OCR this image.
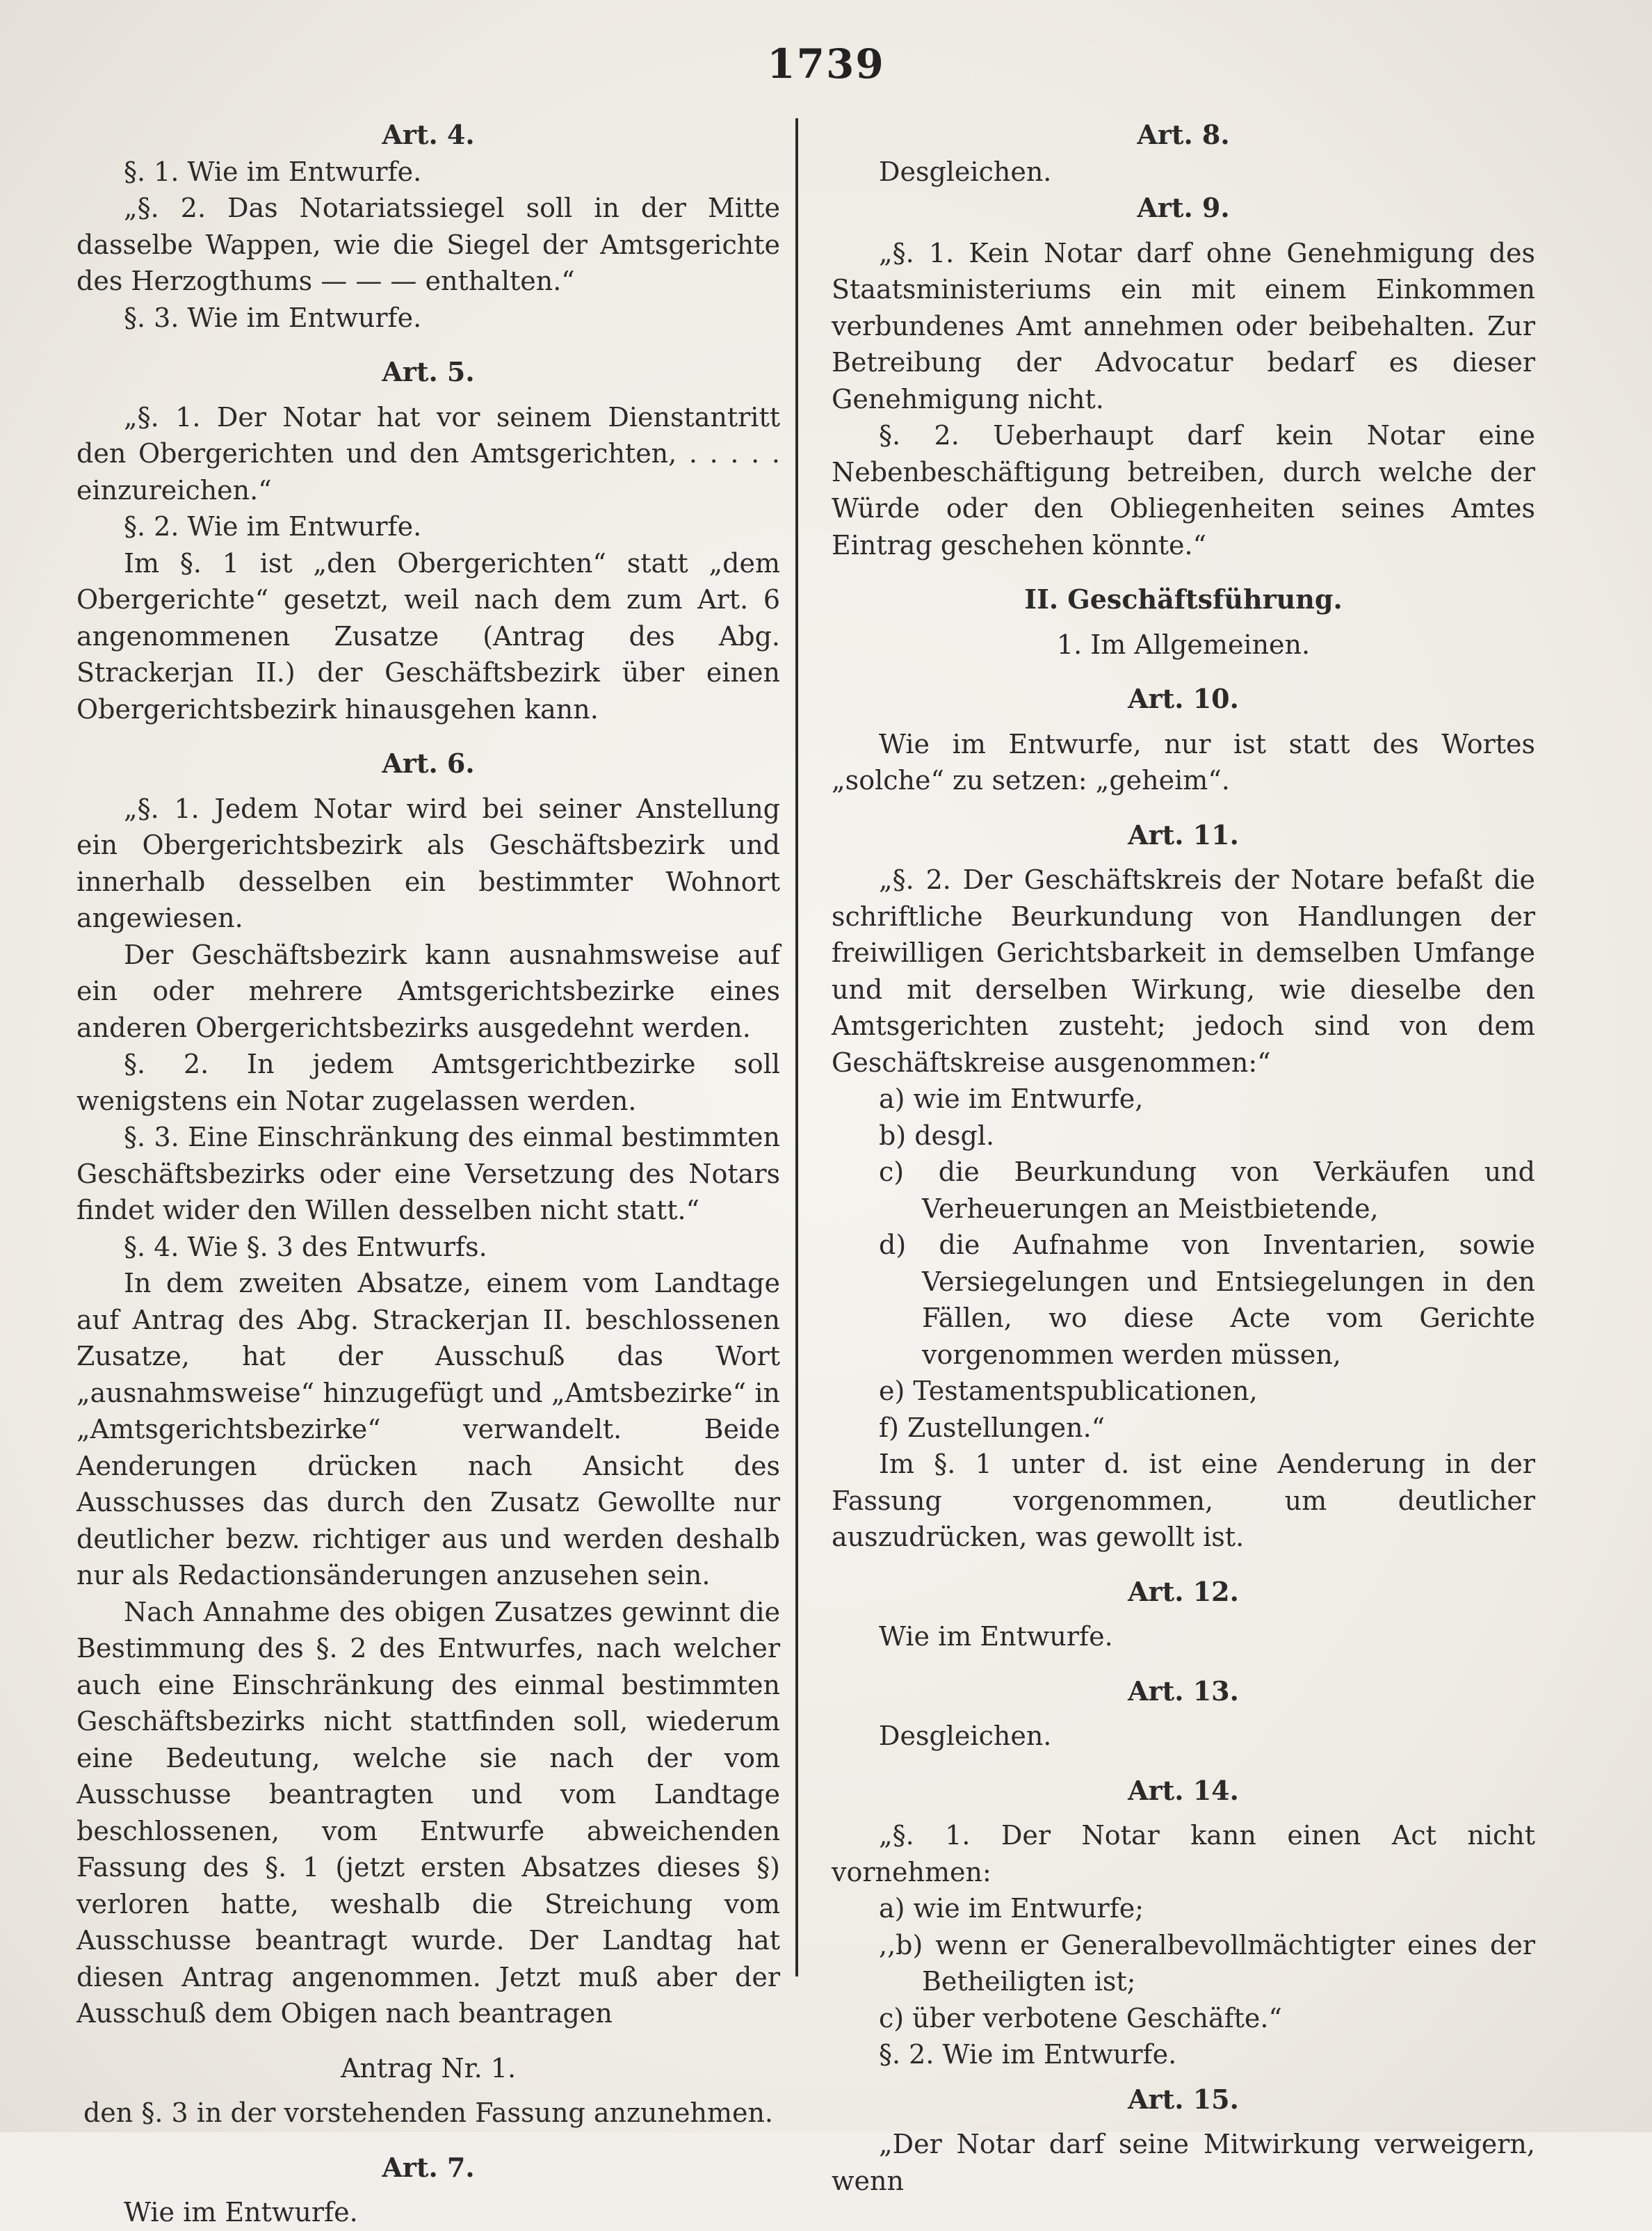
1739

Art. 4.

§. 1. Wie im Entwurfe.

„§. 2. Das Notariatssiegel soll in der Mitte dasselbe Wappen, wie die Siegel der Amtsgerichte des Herzogthums — — — enthalten.“

§. 3. Wie im Entwurfe.

Art. 5.

„§. 1. Der Notar hat vor seinem Dienstantritt den Obergerichten und den Amtsgerichten, . . . . . einzureichen.“

§. 2. Wie im Entwurfe.

Im §. 1 ist „den Obergerichten“ statt „dem Obergerichte“ gesetzt, weil nach dem zum Art. 6 angenommenen Zusatze (Antrag des Abg. Strackerjan II.) der Geschäftsbezirk über einen Obergerichtsbezirk hinausgehen kann.

Art. 6.

„§. 1. Jedem Notar wird bei seiner Anstellung ein Obergerichtsbezirk als Geschäftsbezirk und innerhalb desselben ein bestimmter Wohnort angewiesen.

Der Geschäftsbezirk kann ausnahmsweise auf ein oder mehrere Amtsgerichtsbezirke eines anderen Obergerichtsbezirks ausgedehnt werden.

§. 2. In jedem Amtsgerichtbezirke soll wenigstens ein Notar zugelassen werden.

§. 3. Eine Einschränkung des einmal bestimmten Geschäftsbezirks oder eine Versetzung des Notars findet wider den Willen desselben nicht statt.“

§. 4. Wie §. 3 des Entwurfs.

In dem zweiten Absatze, einem vom Landtage auf Antrag des Abg. Strackerjan II. beschlossenen Zusatze, hat der Ausschuß das Wort „ausnahmsweise“ hinzugefügt und „Amtsbezirke“ in „Amtsgerichtsbezirke“ verwandelt. Beide Aenderungen drücken nach Ansicht des Ausschusses das durch den Zusatz Gewollte nur deutlicher bezw. richtiger aus und werden deshalb nur als Redactionsänderungen anzusehen sein.

Nach Annahme des obigen Zusatzes gewinnt die Bestimmung des §. 2 des Entwurfes, nach welcher auch eine Einschränkung des einmal bestimmten Geschäftsbezirks nicht stattfinden soll, wiederum eine Bedeutung, welche sie nach der vom Ausschusse beantragten und vom Landtage beschlossenen, vom Entwurfe abweichenden Fassung des §. 1 (jetzt ersten Absatzes dieses §) verloren hatte, weshalb die Streichung vom Ausschusse beantragt wurde. Der Landtag hat diesen Antrag angenommen. Jetzt muß aber der Ausschuß dem Obigen nach beantragen

Antrag Nr. 1.

den §. 3 in der vorstehenden Fassung anzunehmen.

Art. 7.

Wie im Entwurfe.

Art. 8.

Desgleichen.

Art. 9.

„§. 1. Kein Notar darf ohne Genehmigung des Staatsministeriums ein mit einem Einkommen verbundenes Amt annehmen oder beibehalten. Zur Betreibung der Advocatur bedarf es dieser Genehmigung nicht.

§. 2. Ueberhaupt darf kein Notar eine Nebenbeschäftigung betreiben, durch welche der Würde oder den Obliegenheiten seines Amtes Eintrag geschehen könnte.“

II. Geschäftsführung.

1. Im Allgemeinen.

Art. 10.

Wie im Entwurfe, nur ist statt des Wortes „solche“ zu setzen: „geheim“.

Art. 11.

„§. 2. Der Geschäftskreis der Notare befaßt die schriftliche Beurkundung von Handlungen der freiwilligen Gerichtsbarkeit in demselben Umfange und mit derselben Wirkung, wie dieselbe den Amtsgerichten zusteht; jedoch sind von dem Geschäftskreise ausgenommen:“

a) wie im Entwurfe,

b) desgl.

c) die Beurkundung von Verkäufen und Verheuerungen an Meistbietende,

d) die Aufnahme von Inventarien, sowie Versiegelungen und Entsiegelungen in den Fällen, wo diese Acte vom Gerichte vorgenommen werden müssen,

e) Testamentspublicationen,

f) Zustellungen.“

Im §. 1 unter d. ist eine Aenderung in der Fassung vorgenommen, um deutlicher auszudrücken, was gewollt ist.

Art. 12.

Wie im Entwurfe.

Art. 13.

Desgleichen.

Art. 14.

„§. 1. Der Notar kann einen Act nicht vornehmen:

a) wie im Entwurfe;

,,b) wenn er Generalbevollmächtigter eines der Betheiligten ist;

c) über verbotene Geschäfte.“

§. 2. Wie im Entwurfe.

Art. 15.

„Der Notar darf seine Mitwirkung verweigern, wenn
